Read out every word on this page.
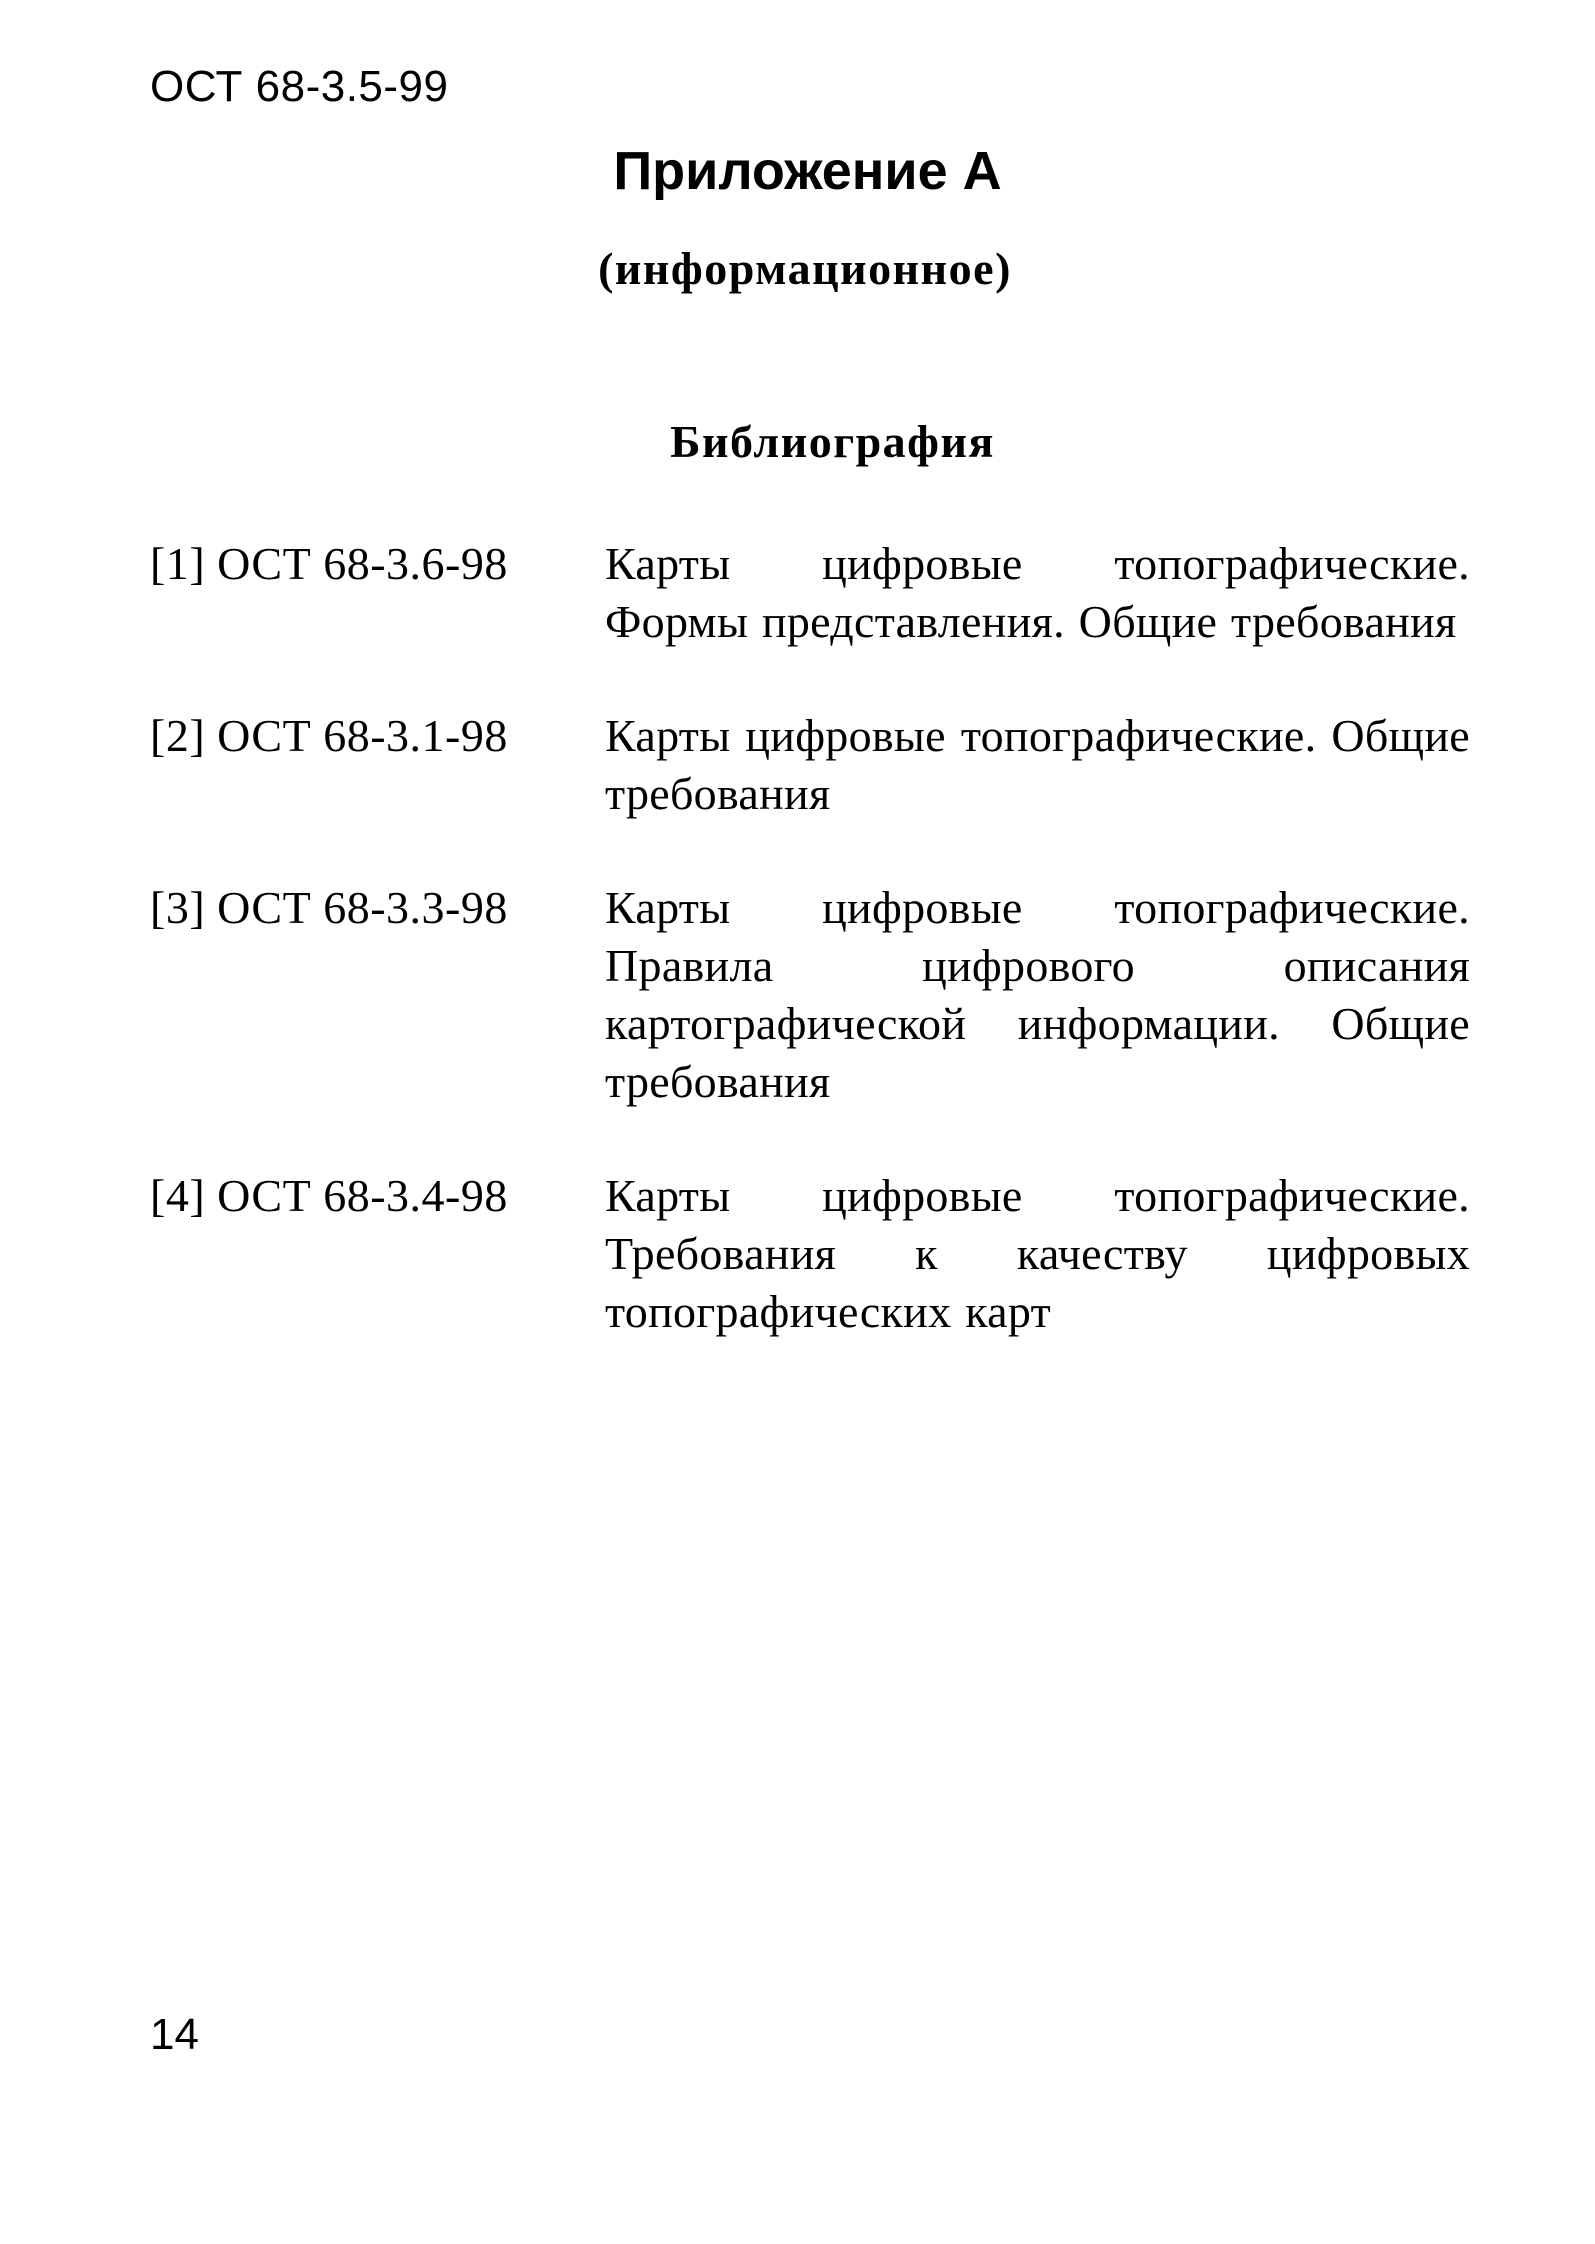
ОСТ 68-3.5-99

Приложение А

(информационное)

Библиография
[1] ОСТ 68-3.6-98	Карты цифровые топографические. Формы представления. Общие требования
[2] ОСТ 68-3.1-98	Карты цифровые топографические. Общие требования
[3] ОСТ 68-3.3-98	Карты цифровые топографические. Правила цифрового описания картографической информации. Общие требования
[4] ОСТ 68-3.4-98	Карты цифровые топографические. Требования к качеству цифровых топографических карт

14
